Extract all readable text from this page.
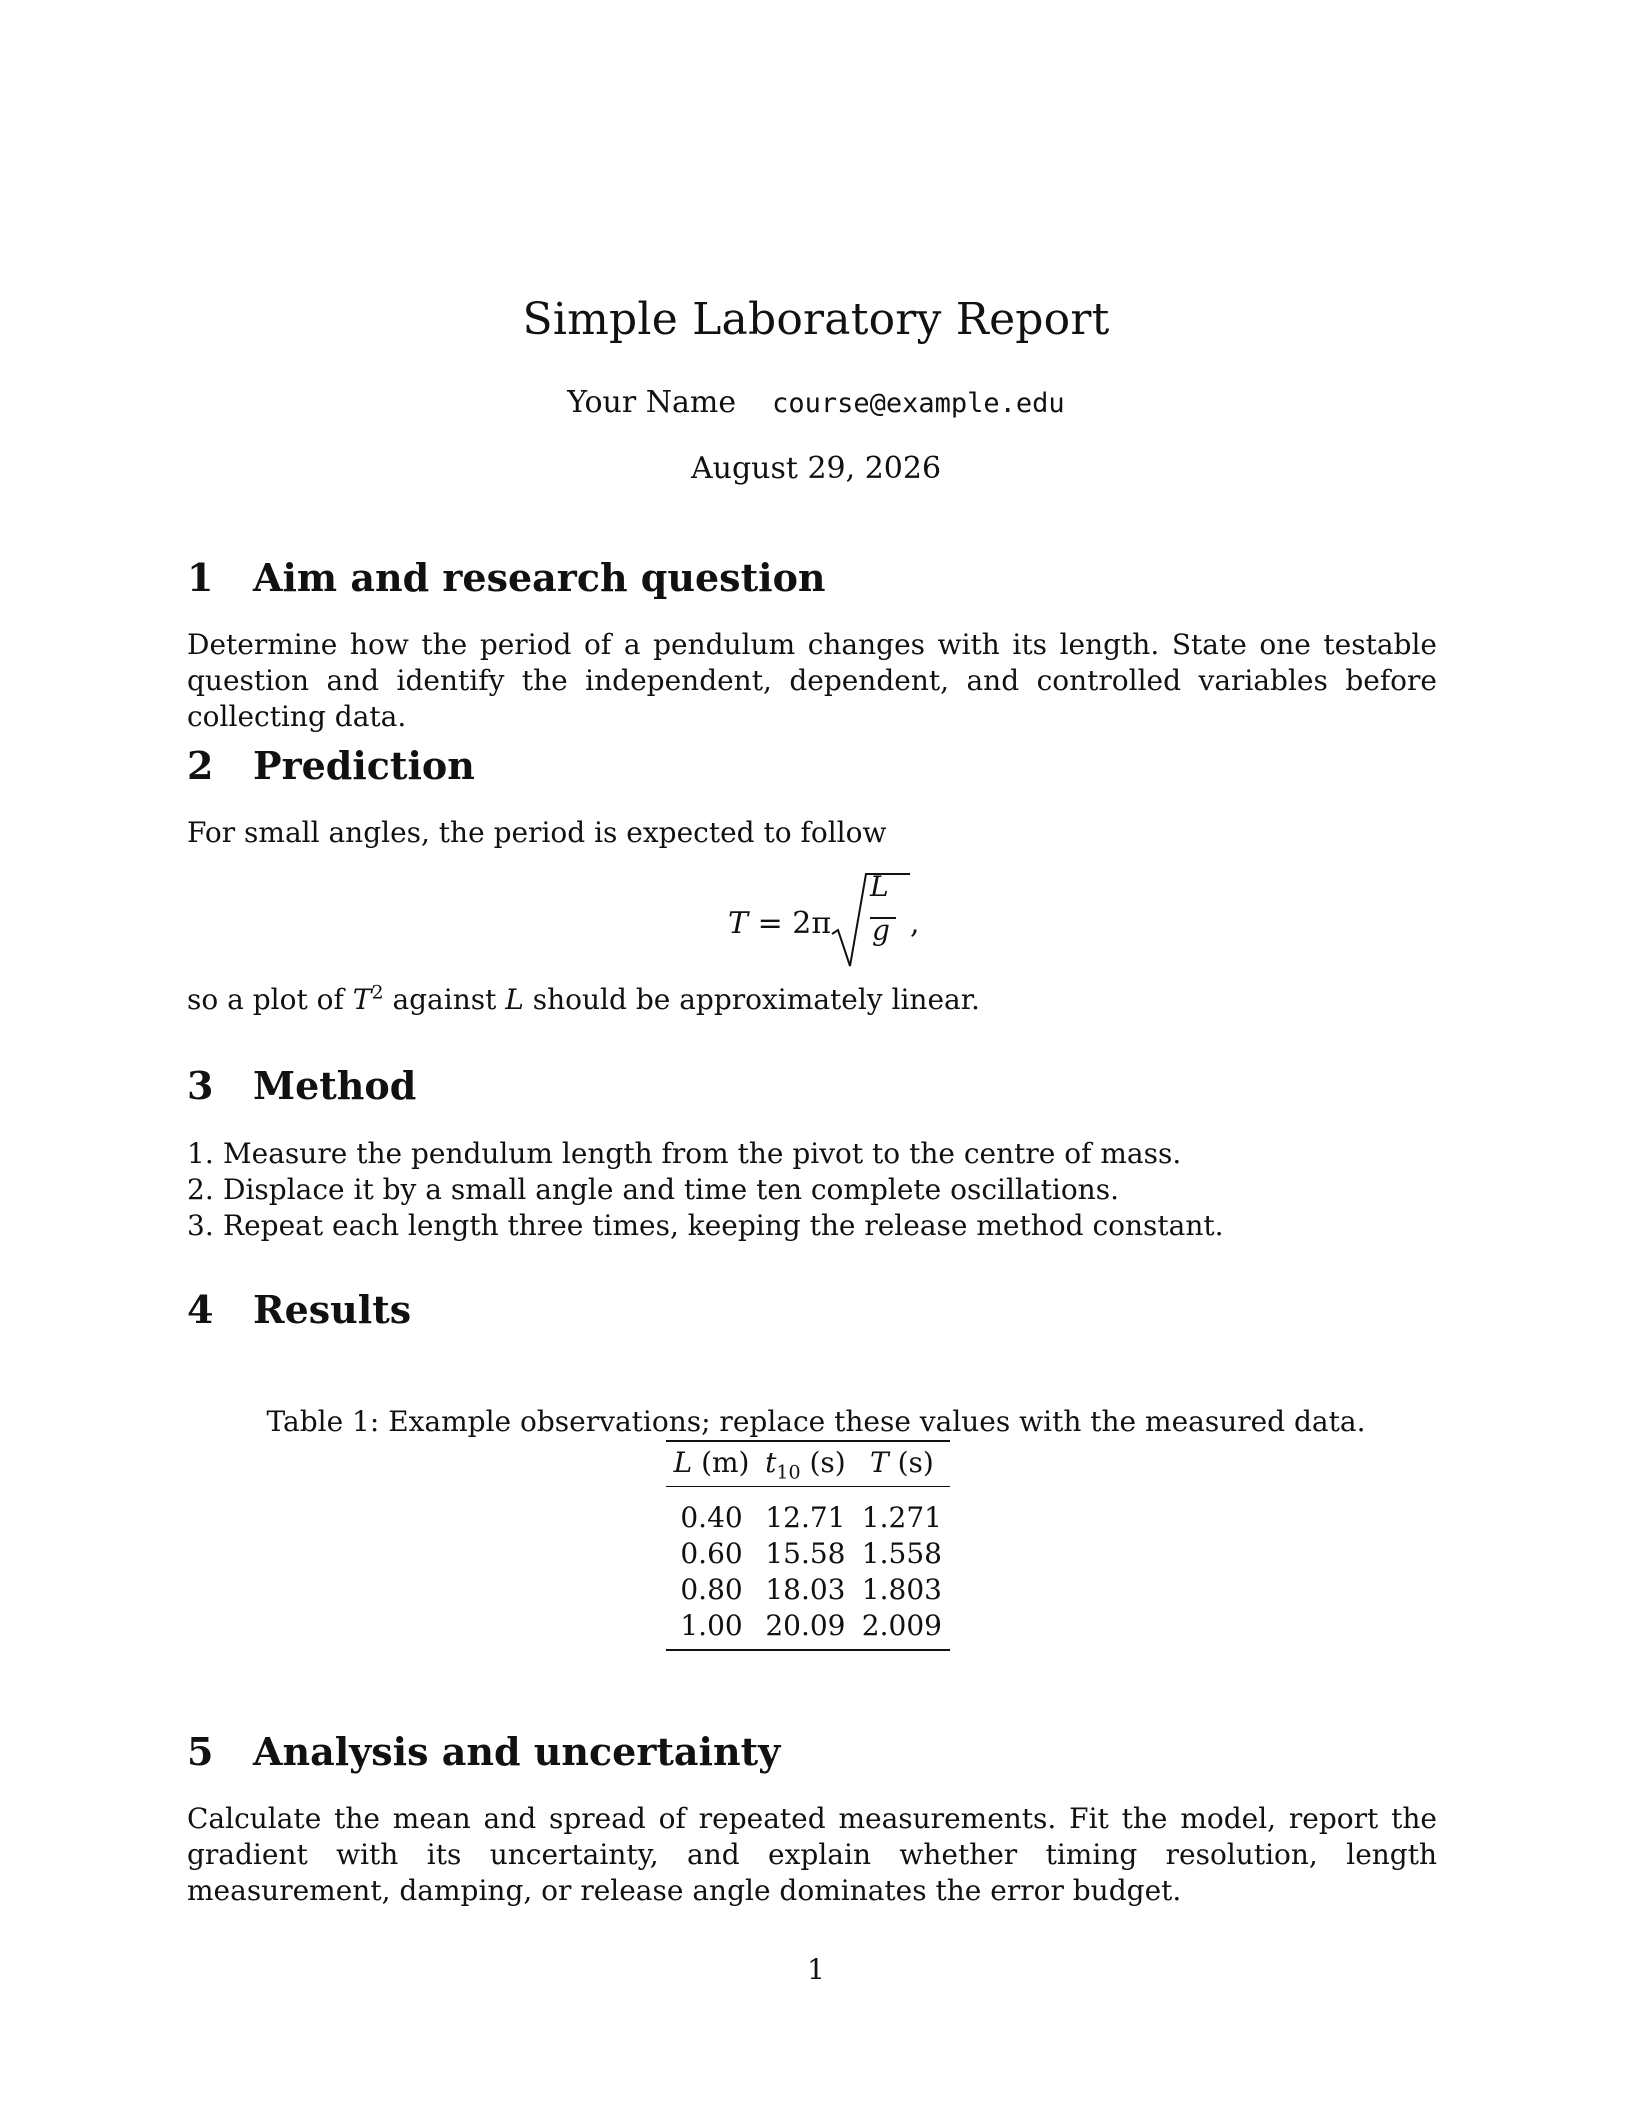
Simple Laboratory Report
Your Name course@example.edu
August 29, 2026
1 Aim and research question
Determine how the period of a pendulum changes with its length. State one testable question and identify the independent, dependent, and controlled variables before collecting data.
2 Prediction
For small angles, the period is expected to follow
T = 2π
L
g ,
so a plot of $T^2$ against L should be approximately linear.
3 Method
1. Measure the pendulum length from the pivot to the centre of mass.
2. Displace it by a small angle and time ten complete oscillations.
3. Repeat each length three times, keeping the release method constant.
4 Results
Table 1: Example observations; replace these values with the measured data.
L (m)	$t_{10}$ (s)	T (s)
0.40	12.71	1.271
0.60	15.58	1.558
0.80	18.03	1.803
1.00	20.09	2.009
5 Analysis and uncertainty
Calculate the mean and spread of repeated measurements. Fit the model, report the gradient with its uncertainty, and explain whether timing resolution, length measurement, damping, or release angle dominates the error budget.
1
